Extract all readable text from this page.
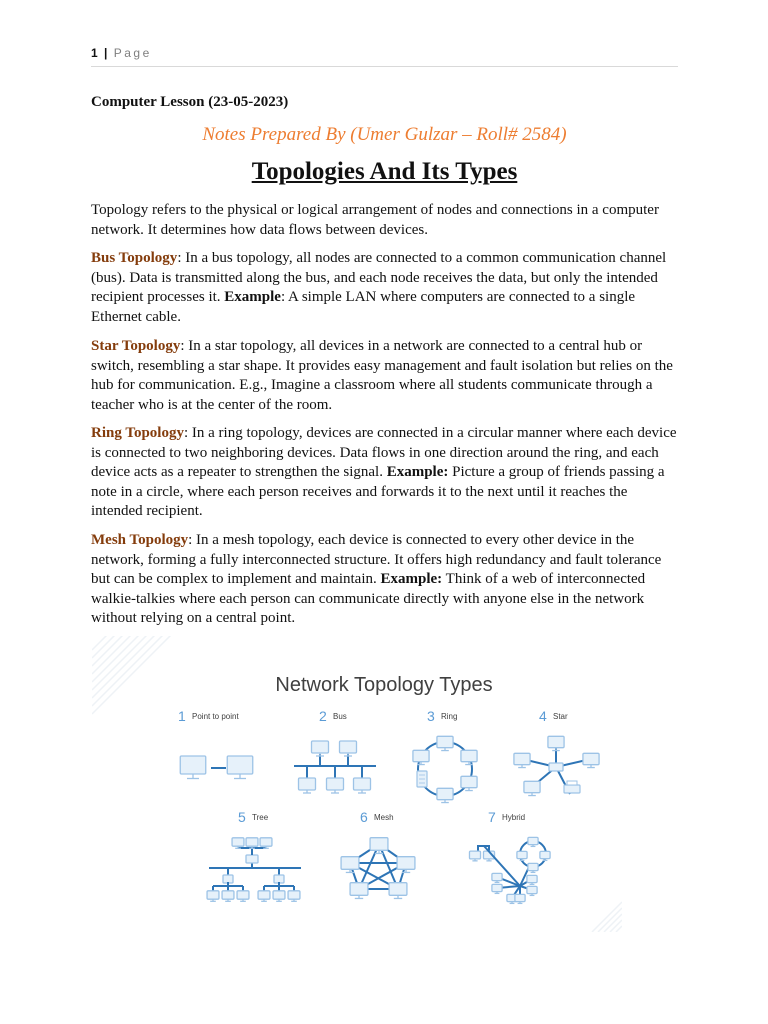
1 | Page
Computer Lesson (23-05-2023)
Notes Prepared By (Umer Gulzar – Roll# 2584)
Topologies And Its Types
Topology refers to the physical or logical arrangement of nodes and connections in a computer network. It determines how data flows between devices.
Bus Topology: In a bus topology, all nodes are connected to a common communication channel (bus). Data is transmitted along the bus, and each node receives the data, but only the intended recipient processes it. Example: A simple LAN where computers are connected to a single Ethernet cable.
Star Topology: In a star topology, all devices in a network are connected to a central hub or switch, resembling a star shape. It provides easy management and fault isolation but relies on the hub for communication. E.g., Imagine a classroom where all students communicate through a teacher who is at the center of the room.
Ring Topology: In a ring topology, devices are connected in a circular manner where each device is connected to two neighboring devices. Data flows in one direction around the ring, and each device acts as a repeater to strengthen the signal. Example: Picture a group of friends passing a note in a circle, where each person receives and forwards it to the next until it reaches the intended recipient.
Mesh Topology: In a mesh topology, each device is connected to every other device in the network, forming a fully interconnected structure. It offers high redundancy and fault tolerance but can be complex to implement and maintain. Example: Think of a web of interconnected walkie-talkies where each person can communicate directly with anyone else in the network without relying on a central point.
Network Topology Types
1 Point to point	2 Bus	3 Ring	4 Star
5 Tree	6 Mesh	7 Hybrid
